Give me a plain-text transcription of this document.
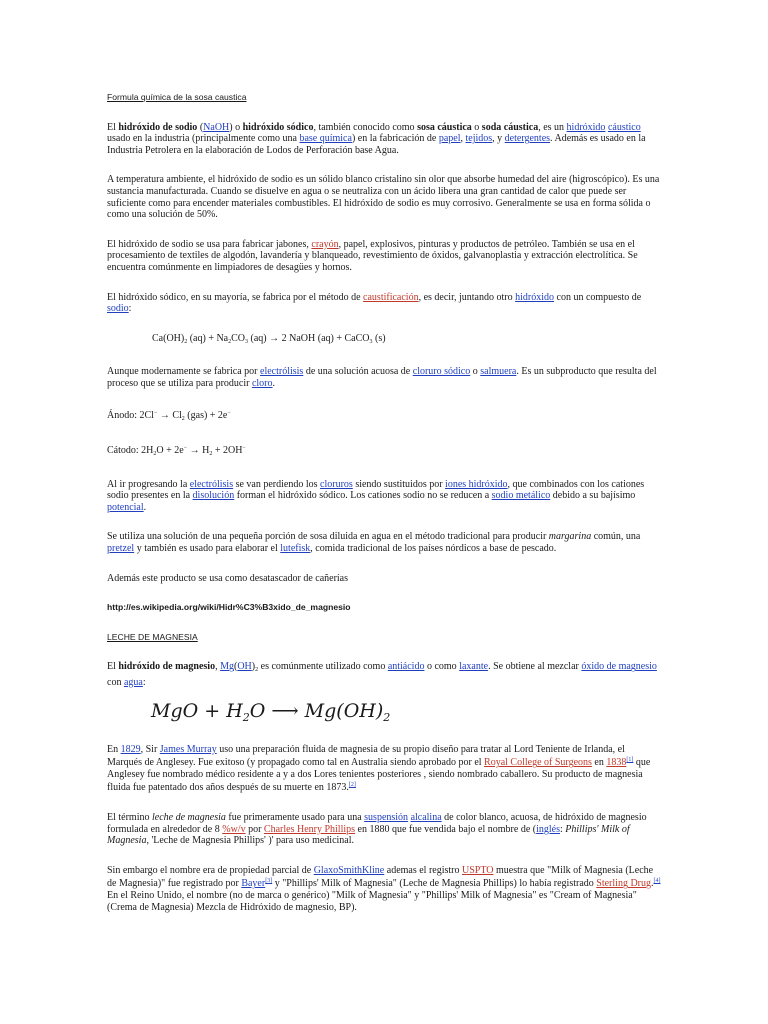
Formula química de la sosa caustica

El hidróxido de sodio (NaOH) o hidróxido sódico, también conocido como sosa cáustica o soda cáustica, es un hidróxido cáustico usado en la industria (principalmente como una base química) en la fabricación de papel, tejidos, y detergentes. Además es usado en la Industria Petrolera en la elaboración de Lodos de Perforación base Agua.

A temperatura ambiente, el hidróxido de sodio es un sólido blanco cristalino sin olor que absorbe humedad del aire (higroscópico). Es una sustancia manufacturada. Cuando se disuelve en agua o se neutraliza con un ácido libera una gran cantidad de calor que puede ser suficiente como para encender materiales combustibles. El hidróxido de sodio es muy corrosivo. Generalmente se usa en forma sólida o como una solución de 50%.

El hidróxido de sodio se usa para fabricar jabones, crayón, papel, explosivos, pinturas y productos de petróleo. También se usa en el procesamiento de textiles de algodón, lavandería y blanqueado, revestimiento de óxidos, galvanoplastia y extracción electrolítica. Se encuentra comúnmente en limpiadores de desagües y hornos.

El hidróxido sódico, en su mayoría, se fabrica por el método de caustificación, es decir, juntando otro hidróxido con un compuesto de sodio:

$Ca(OH)_2$ $(aq) + Na_2CO_3$ (aq) → 2 NaOH (aq) + CaCO$_3$ (s)

Aunque modernamente se fabrica por electrólisis de una solución acuosa de cloruro sódico o salmuera. Es un subproducto que resulta del proceso que se utiliza para producir cloro.

Ánodo: $2Cl^- \to Cl_2$ (gas) + 2e−

Cátodo: $2H_2O + 2e^- \to H_2 + 2OH^-$

Al ir progresando la electrólisis se van perdiendo los cloruros siendo sustituidos por iones hidróxido, que combinados con los cationes sodio presentes en la disolución forman el hidróxido sódico. Los cationes sodio no se reducen a sodio metálico debido a su bajísimo potencial.

Se utiliza una solución de una pequeña porción de sosa diluida en agua en el método tradicional para producir margarina común, una pretzel y también es usado para elaborar el lutefisk, comida tradicional de los países nórdicos a base de pescado.

Además este producto se usa como desatascador de cañerías

http://es.wikipedia.org/wiki/Hidr%C3%B3xido_de_magnesio
LECHE DE MAGNESIA

El hidróxido de magnesio, $Mg(OH)_2$ es comúnmente utilizado como antiácido o como laxante. Se obtiene al mezclar óxido de magnesio con agua:

MgO + $H_2O$ ⟶ $Mg(OH)_2$

En 1829, Sir James Murray uso una preparación fluida de magnesia de su propio diseño para tratar al Lord Teniente de Irlanda, el Marqués de Anglesey. Fue exitoso (y propagado como tal en Australia siendo aprobado por el Royal College of Surgeons en 1838[1] que Anglesey fue nombrado médico residente a y a dos Lores tenientes posteriores , siendo nombrado caballero. Su producto de magnesia fluida fue patentado dos años después de su muerte en 1873.[2]

El término leche de magnesia fue primeramente usado para una suspensión alcalina de color blanco, acuosa, de hidróxido de magnesio formulada en alrededor de 8 %w/v por Charles Henry Phillips en 1880 que fue vendida bajo el nombre de (inglés: Phillips' Milk of Magnesia, 'Leche de Magnesia Phillips' )' para uso medicinal.

Sin embargo el nombre era de propiedad parcial de GlaxoSmithKline ademas el registro USPTO muestra que "Milk of Magnesia (Leche de Magnesia)" fue registrado por Bayer[3] y "Phillips' Milk of Magnesia" (Leche de Magnesia Phillips) lo había registrado Sterling Drug.[4] En el Reino Unido, el nombre (no de marca o genérico) "Milk of Magnesia" y "Phillips' Milk of Magnesia" es "Cream of Magnesia" (Crema de Magnesia) Mezcla de Hidróxido de magnesio, BP).
